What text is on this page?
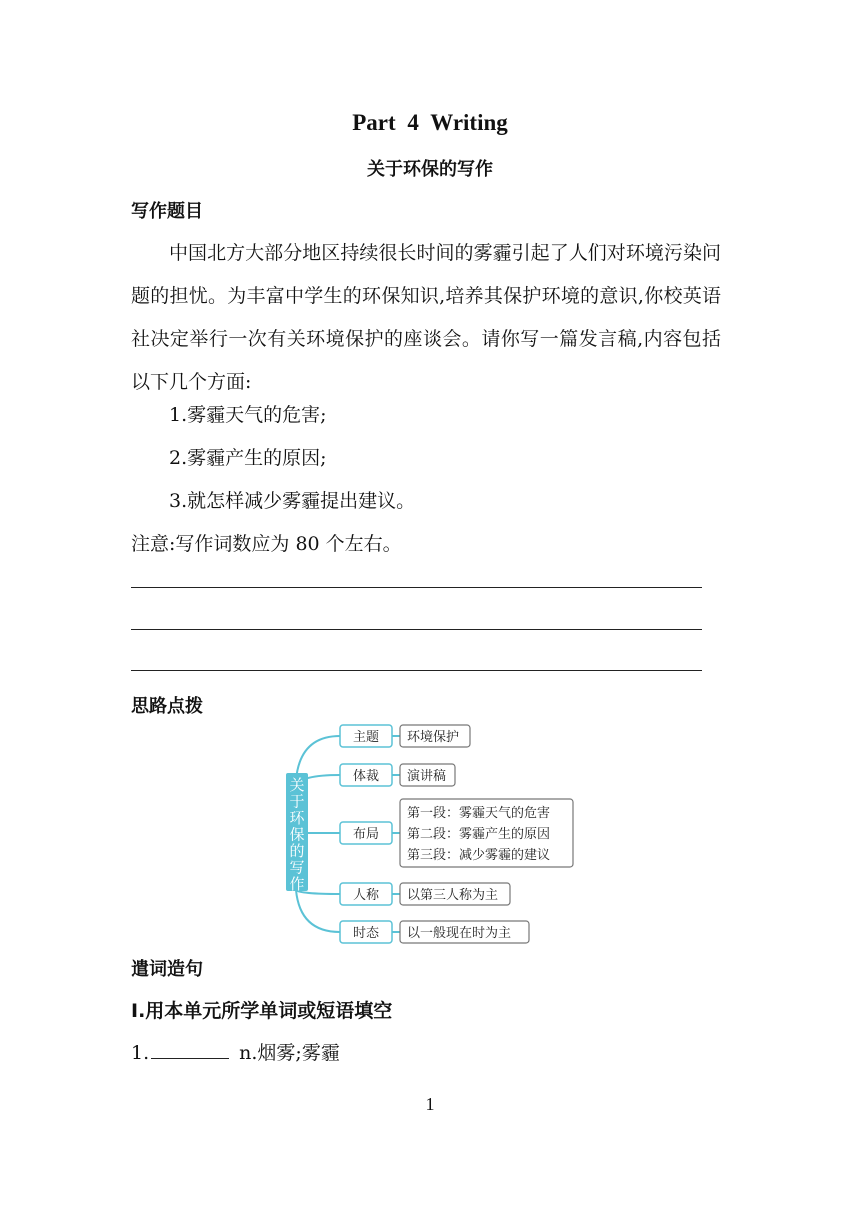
Part 4 Writing
关于环保的写作
写作题目
中国北方大部分地区持续很长时间的雾霾引起了人们对环境污染问题的担忧。为丰富中学生的环保知识,培养其保护环境的意识,你校英语社决定举行一次有关环境保护的座谈会。请你写一篇发言稿,内容包括以下几个方面:
1.雾霾天气的危害;
2.雾霾产生的原因;
3.就怎样减少雾霾提出建议。
注意:写作词数应为 80 个左右。
思路点拨
关于环保的写作
主题
体裁
布局
人称
时态
环境保护
演讲稿
第一段：雾霾天气的危害
第二段：雾霾产生的原因
第三段：减少雾霾的建议
以第三人称为主
以一般现在时为主
遣词造句
Ⅰ.用本单元所学单词或短语填空
1.	n.烟雾;雾霾
1
